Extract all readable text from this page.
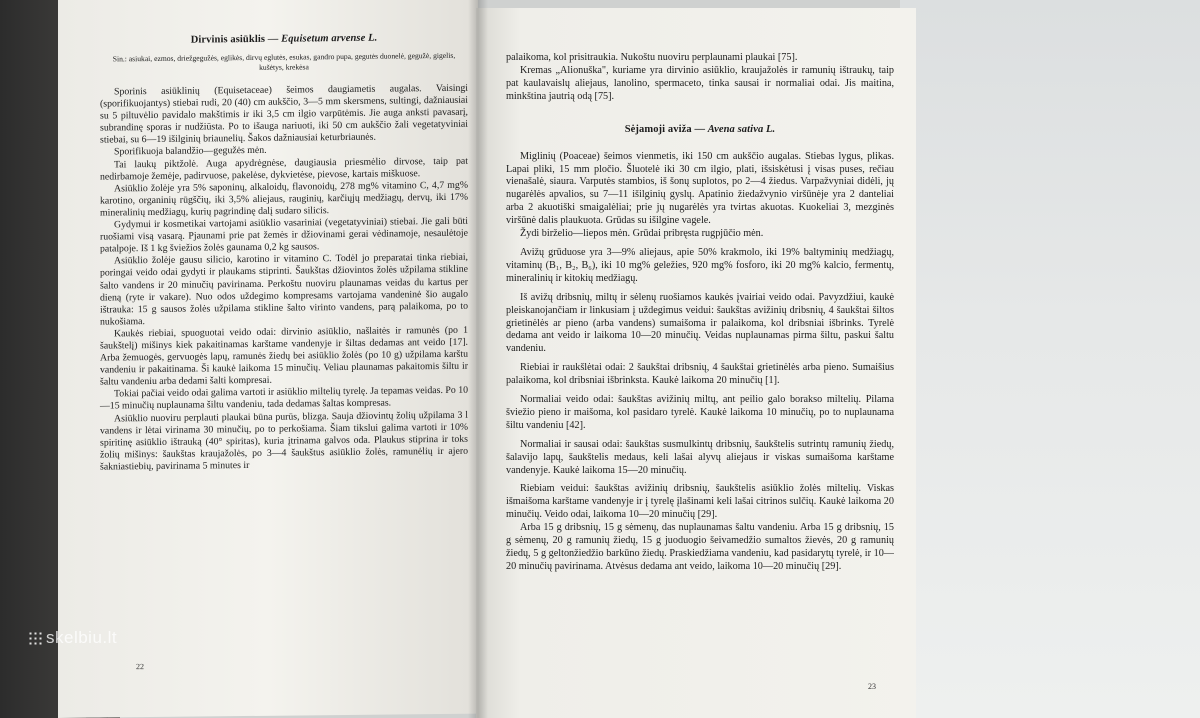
Dirvinis asiūklis — Equisetum arvense L.

Sin.: asiukai, ezmos, driežgegužės, eglikės, dirvų eglutės, esukas, gandro pupa, gegutės duonelė, gegužė, gigelis, kušėtys, krekėsa

Sporinis asiūklinių (Equisetaceae) šeimos daugiametis augalas. Vaisingi (sporifikuojantys) stiebai rudi, 20 (40) cm aukščio, 3—5 mm skersmens, sultingi, dažniausiai su 5 piltuvėlio pavidalo makštimis ir iki 3,5 cm ilgio varpūtėmis. Jie auga anksti pavasarį, subrandinę sporas ir nudžiūsta. Po to išauga nariuoti, iki 50 cm aukščio žali vegetatyviniai stiebai, su 6—19 išilginių briaunelių. Šakos dažniausiai keturbriaunės.

Sporifikuoja balandžio—gegužės mėn.

Tai laukų piktžolė. Auga apydrėgnėse, daugiausia priesmėlio dirvose, taip pat nedirbamoje žemėje, padirvuose, pakelėse, dykvietėse, pievose, kartais miškuose.

Asiūklio žolėje yra 5% saponinų, alkaloidų, flavonoidų, 278 mg% vitamino C, 4,7 mg% karotino, organinių rūgščių, iki 3,5% aliejaus, rauginių, karčiųjų medžiagų, dervų, iki 17% mineralinių medžiagų, kurių pagrindinę dalį sudaro silicis.

Gydymui ir kosmetikai vartojami asiūklio vasariniai (vegetatyviniai) stiebai. Jie gali būti ruošiami visą vasarą. Pjaunami prie pat žemės ir džiovinami gerai vėdinamoje, nesaulėtoje patalpoje. Iš 1 kg šviežios žolės gaunama 0,2 kg sausos.

Asiūklio žolėje gausu silicio, karotino ir vitamino C. Todėl jo preparatai tinka riebiai, poringai veido odai gydyti ir plaukams stiprinti. Šaukštas džiovintos žolės užpilama stikline šalto vandens ir 20 minučių pavirinama. Perkoštu nuoviru plaunamas veidas du kartus per dieną (ryte ir vakare). Nuo odos uždegimo kompresams vartojama vandeninė šio augalo ištrauka: 15 g sausos žolės užpilama stikline šalto virinto vandens, parą palaikoma, po to nukošiama.

Kaukės riebiai, spuoguotai veido odai: dirvinio asiūklio, našlaitės ir ramunės (po 1 šaukštelį) mišinys kiek pakaitinamas karštame vandenyje ir šiltas dedamas ant veido [17]. Arba žemuogės, gervuogės lapų, ramunės žiedų bei asiūklio žolės (po 10 g) užpilama karštu vandeniu ir pakaitinama. Ši kaukė laikoma 15 minučių. Veliau plaunamas pakaitomis šiltu ir šaltu vandeniu arba dedami šalti kompresai.

Tokiai pačiai veido odai galima vartoti ir asiūklio miltelių tyrelę. Ja tepamas veidas. Po 10—15 minučių nuplaunama šiltu vandeniu, tada dedamas šaltas kompresas.

Asiūklio nuoviru perplauti plaukai būna purūs, blizga. Sauja džiovintų žolių užpilama 3 l vandens ir lėtai virinama 30 minučių, po to perkošiama. Šiam tikslui galima vartoti ir 10% spiritinę asiūklio ištrauką (40° spiritas), kuria įtrinama galvos oda. Plaukus stiprina ir toks žolių mišinys: šaukštas kraujažolės, po 3—4 šaukštus asiūklio žolės, ramunėlių ir ajero šakniastiebių, pavirinama 5 minutes ir

22

palaikoma, kol prisitraukia. Nukoštu nuoviru perplaunami plaukai [75].

Kremas „Alionuška", kuriame yra dirvinio asiūklio, kraujažolės ir ramunių ištraukų, taip pat kaulavaislų aliejaus, lanolino, spermaceto, tinka sausai ir normaliai odai. Jis maitina, minkština jautrią odą [75].

Sėjamoji aviža — Avena sativa L.

Miglinių (Poaceae) šeimos vienmetis, iki 150 cm aukščio augalas. Stiebas lygus, plikas. Lapai pliki, 15 mm pločio. Šluotelė iki 30 cm ilgio, plati, išsiskėtusi į visas puses, rečiau vienašalė, siaura. Varputės stambios, iš šonų suplotos, po 2—4 žiedus. Varpažvyniai didėli, jų nugarėlės apvalios, su 7—11 išilginių gyslų. Apatinio žiedažvynio viršūnėje yra 2 danteliai arba 2 akuotiški smaigalėliai; prie jų nugarėlės yra tvirtas akuotas. Kuokeliai 3, mezginės viršūnė dalis plaukuota. Grūdas su išilgine vagele.

Žydi birželio—liepos mėn. Grūdai pribręsta rugpjūčio mėn.

Avižų grūduose yra 3—9% aliejaus, apie 50% krakmolo, iki 19% baltyminių medžiagų, vitaminų (B₁, B₂, B₆), iki 10 mg% geležies, 920 mg% fosforo, iki 20 mg% kalcio, fermentų, mineralinių ir kitokių medžiagų.

Iš avižų dribsnių, miltų ir sėlenų ruošiamos kaukės įvairiai veido odai. Pavyzdžiui, kaukė pleiskanojančiam ir linkusiam į uždegimus veidui: šaukštas avižinių dribsnių, 4 šaukštai šiltos grietinėlės ar pieno (arba vandens) sumaišoma ir palaikoma, kol dribsniai išbrinks. Tyrelė dedama ant veido ir laikoma 10—20 minučių. Veidas nuplaunamas pirma šiltu, paskui šaltu vandeniu.

Riebiai ir raukšlėtai odai: 2 šaukštai dribsnių, 4 šaukštai grietinėlės arba pieno. Sumaišius palaikoma, kol dribsniai išbrinksta. Kaukė laikoma 20 minučių [1].

Normaliai veido odai: šaukštas avižinių miltų, ant peilio galo borakso miltelių. Pilama šviežio pieno ir maišoma, kol pasidaro tyrelė. Kaukė laikoma 10 minučių, po to nuplaunama šiltu vandeniu [42].

Normaliai ir sausai odai: šaukštas susmulkintų dribsnių, šaukštelis sutrintų ramunių žiedų, šalavijo lapų, šaukštelis medaus, keli lašai alyvų aliejaus ir viskas sumaišoma karštame vandenyje. Kaukė laikoma 15—20 minučių.

Riebiam veidui: šaukštas avižinių dribsnių, šaukštelis asiūklio žolės miltelių. Viskas išmaišoma karštame vandenyje ir į tyrelę įlašinami keli lašai citrinos sulčių. Kaukė laikoma 20 minučių. Veido odai, laikoma 10—20 minučių [29].

Arba 15 g dribsnių, 15 g sėmenų, das nuplaunamas šaltu vandeniu. Arba 15 g dribsnių, 15 g sėmenų, 20 g ramunių žiedų, 15 g juoduogio šeivamedžio sumaltos žievės, 20 g ramunių žiedų, 5 g geltonžiedžio barkūno žiedų. Praskiedžiama vandeniu, kad pasidarytų tyrelė, ir 10—20 minučių pavirinama. Atvėsus dedama ant veido, laikoma 10—20 minučių [29].

23
skelbiu.lt
